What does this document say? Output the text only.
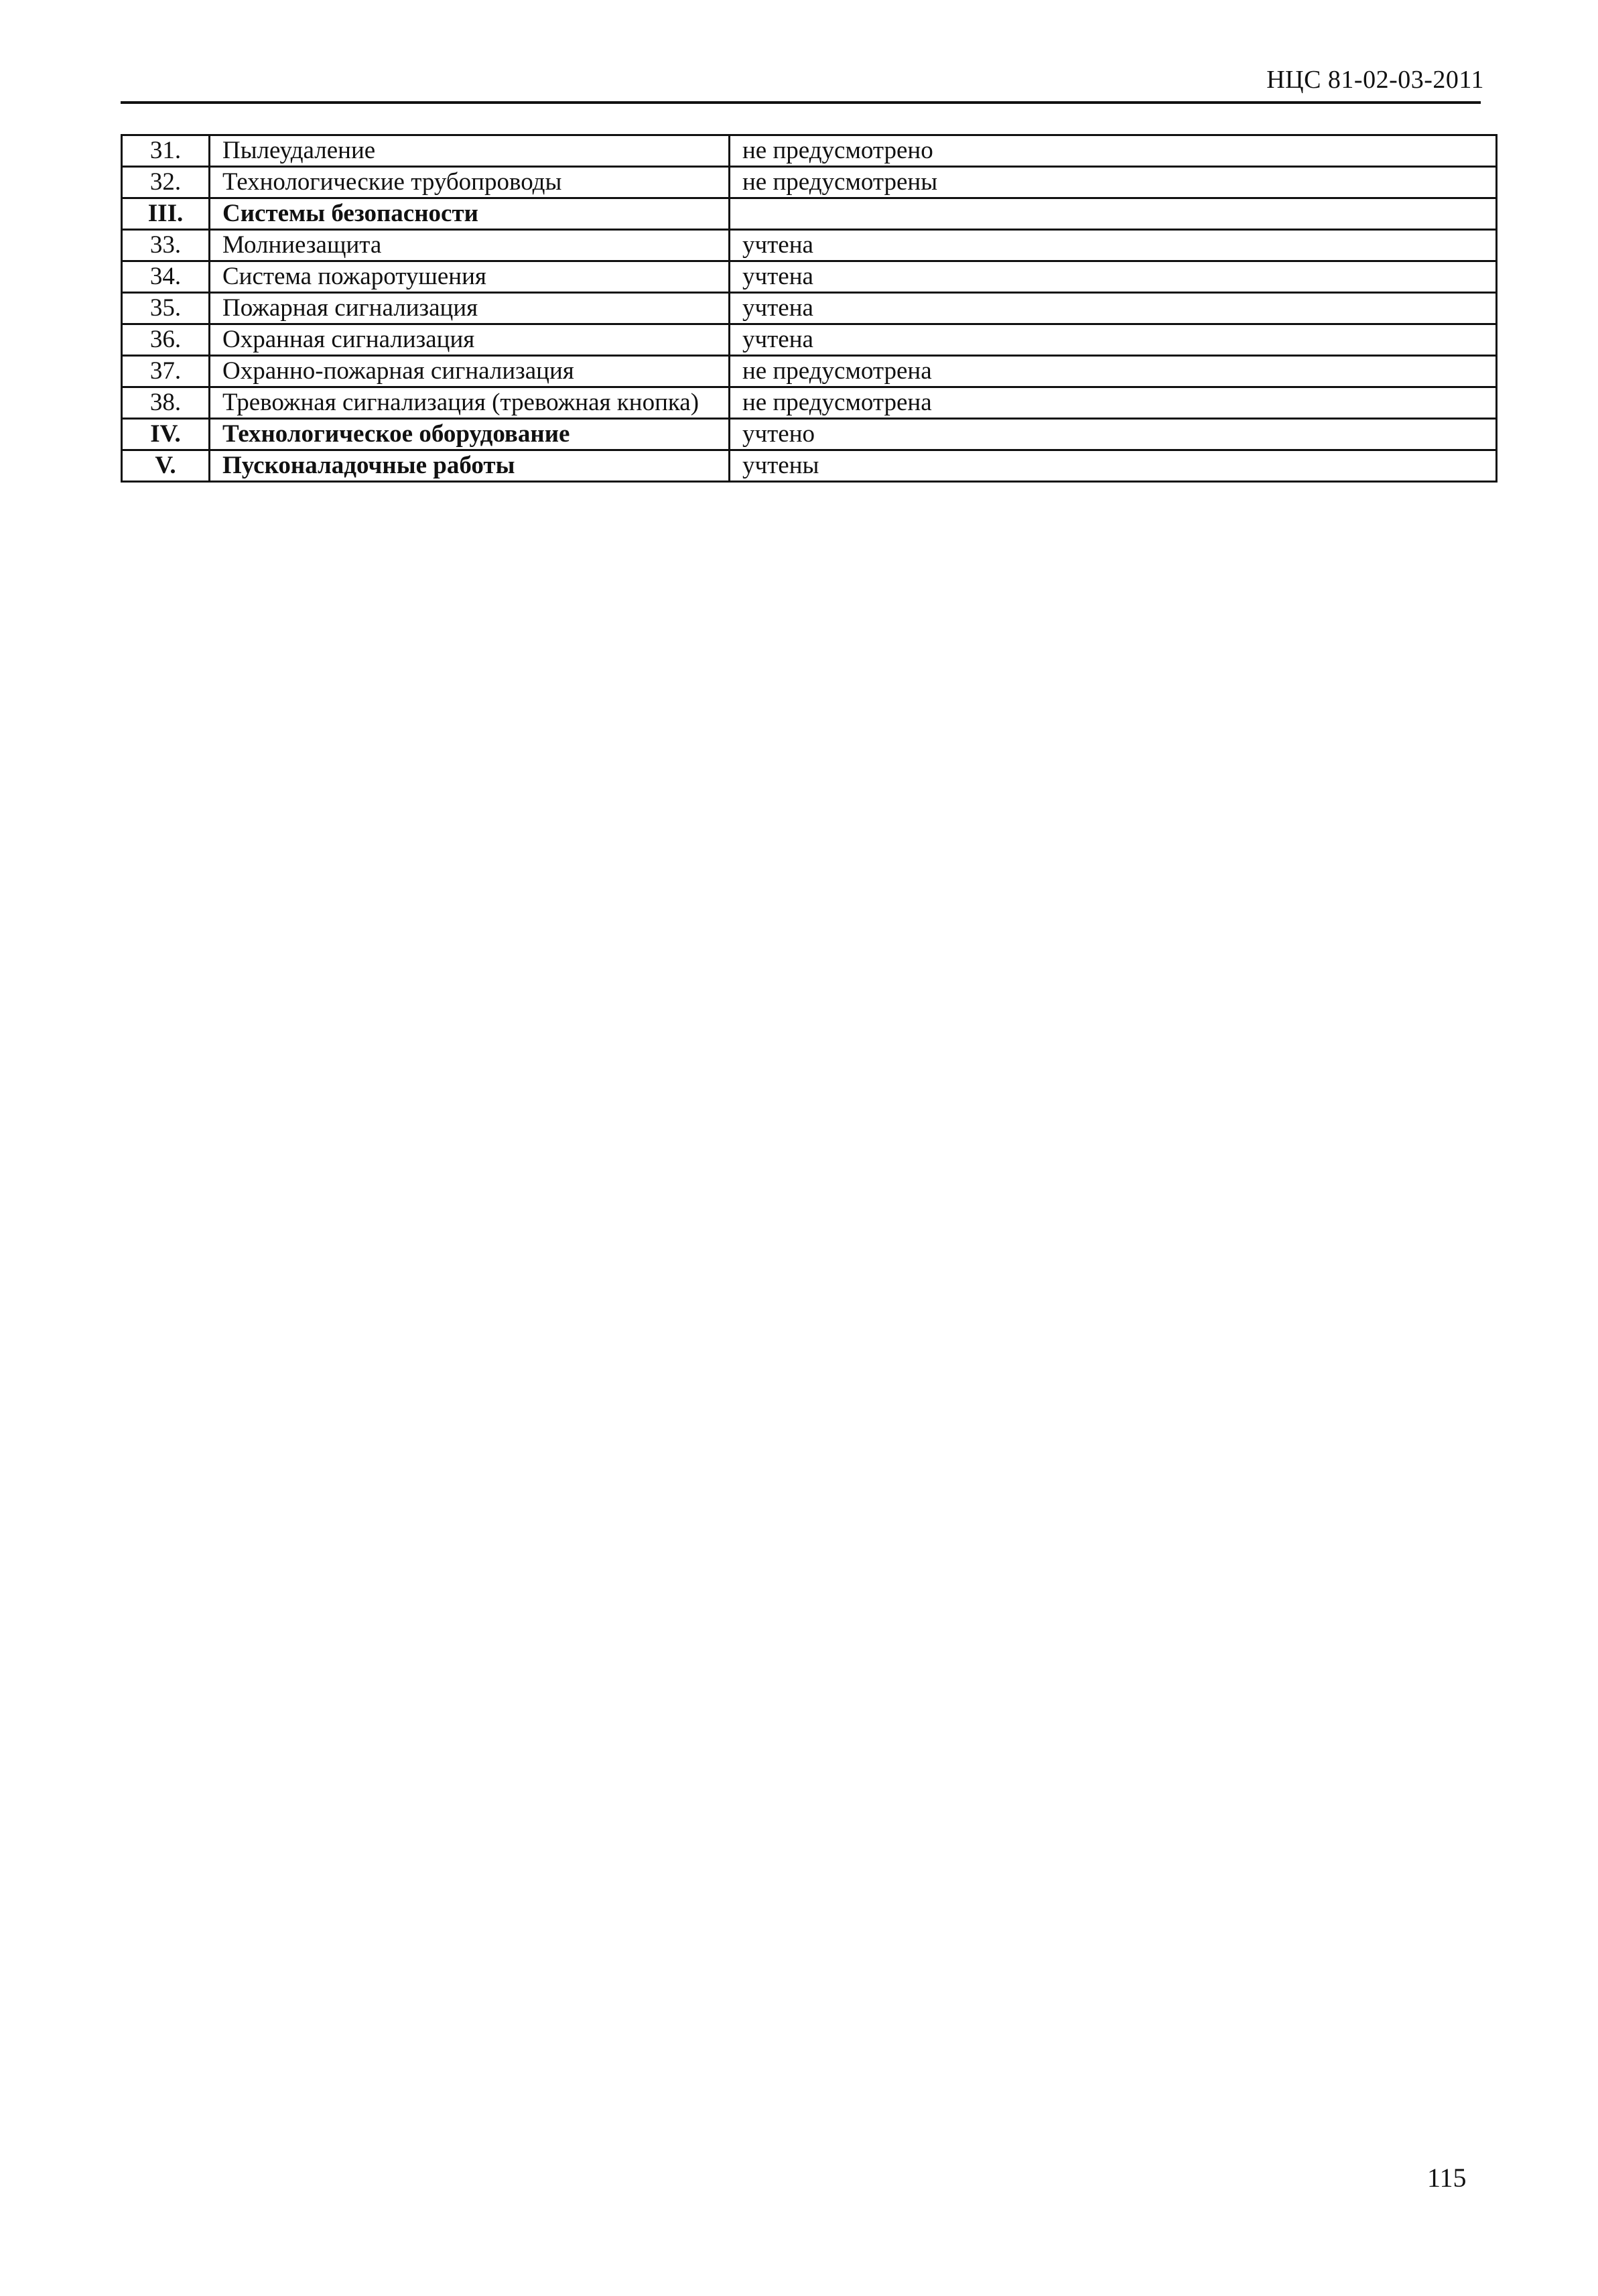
НЦС 81-02-03-2011
31.	Пылеудаление	не предусмотрено
32.	Технологические трубопроводы	не предусмотрены
III.	Системы безопасности	
33.	Молниезащита	учтена
34.	Система пожаротушения	учтена
35.	Пожарная сигнализация	учтена
36.	Охранная сигнализация	учтена
37.	Охранно-пожарная сигнализация	не предусмотрена
38.	Тревожная сигнализация (тревожная кнопка)	не предусмотрена
IV.	Технологическое оборудование	учтено
V.	Пусконаладочные работы	учтены
115
